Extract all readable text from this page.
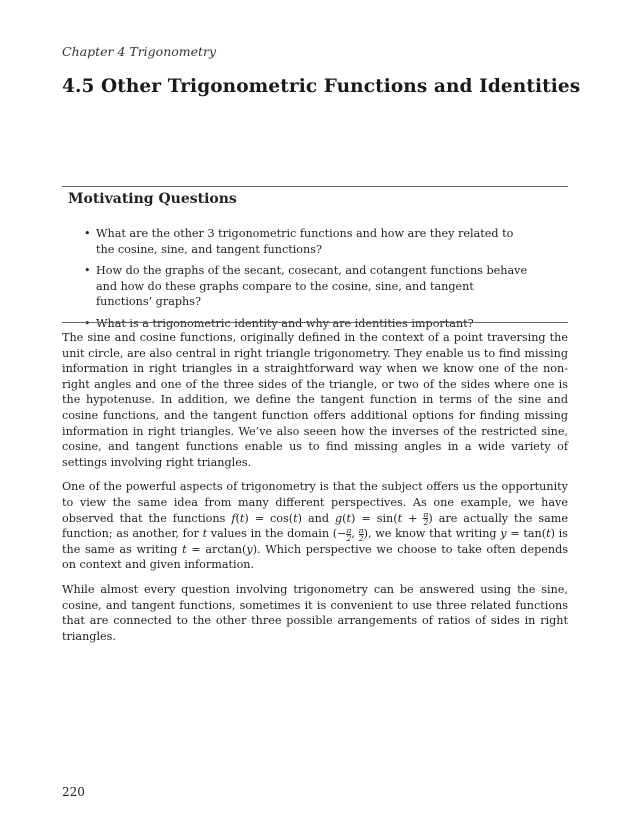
Chapter 4 Trigonometry
4.5 Other Trigonometric Functions and Identities
Motivating Questions
• What are the other 3 trigonometric functions and how are they related to the cosine, sine, and tangent functions?
• How do the graphs of the secant, cosecant, and cotangent functions behave and how do these graphs compare to the cosine, sine, and tangent functions’ graphs?
• What is a trigonometric identity and why are identities important?

The sine and cosine functions, originally defined in the context of a point traversing the unit circle, are also central in right triangle trigonometry. They enable us to find missing information in right triangles in a straightforward way when we know one of the non-right angles and one of the three sides of the triangle, or two of the sides where one is the hypotenuse. In addition, we define the tangent function in terms of the sine and cosine functions, and the tangent function offers additional options for finding missing information in right triangles. We’ve also seeen how the inverses of the restricted sine, cosine, and tangent functions enable us to find missing angles in a wide variety of settings involving right triangles.

One of the powerful aspects of trigonometry is that the subject offers us the opportunity to view the same idea from many different perspectives. As one example, we have observed that the functions f(t) = cos(t) and $g(t) = \sin(t + \frac{\pi}{2}$ ) are actually the same function; as another, for t values in the domain (− $\frac{\pi}{2}$ , $\frac{\pi}{2}$ ), we know that writing y = tan(t) is the same as writing t = arctan(y). Which perspective we choose to take often depends on context and given information.

While almost every question involving trigonometry can be answered using the sine, cosine, and tangent functions, sometimes it is convenient to use three related functions that are connected to the other three possible arrangements of ratios of sides in right triangles.

220
